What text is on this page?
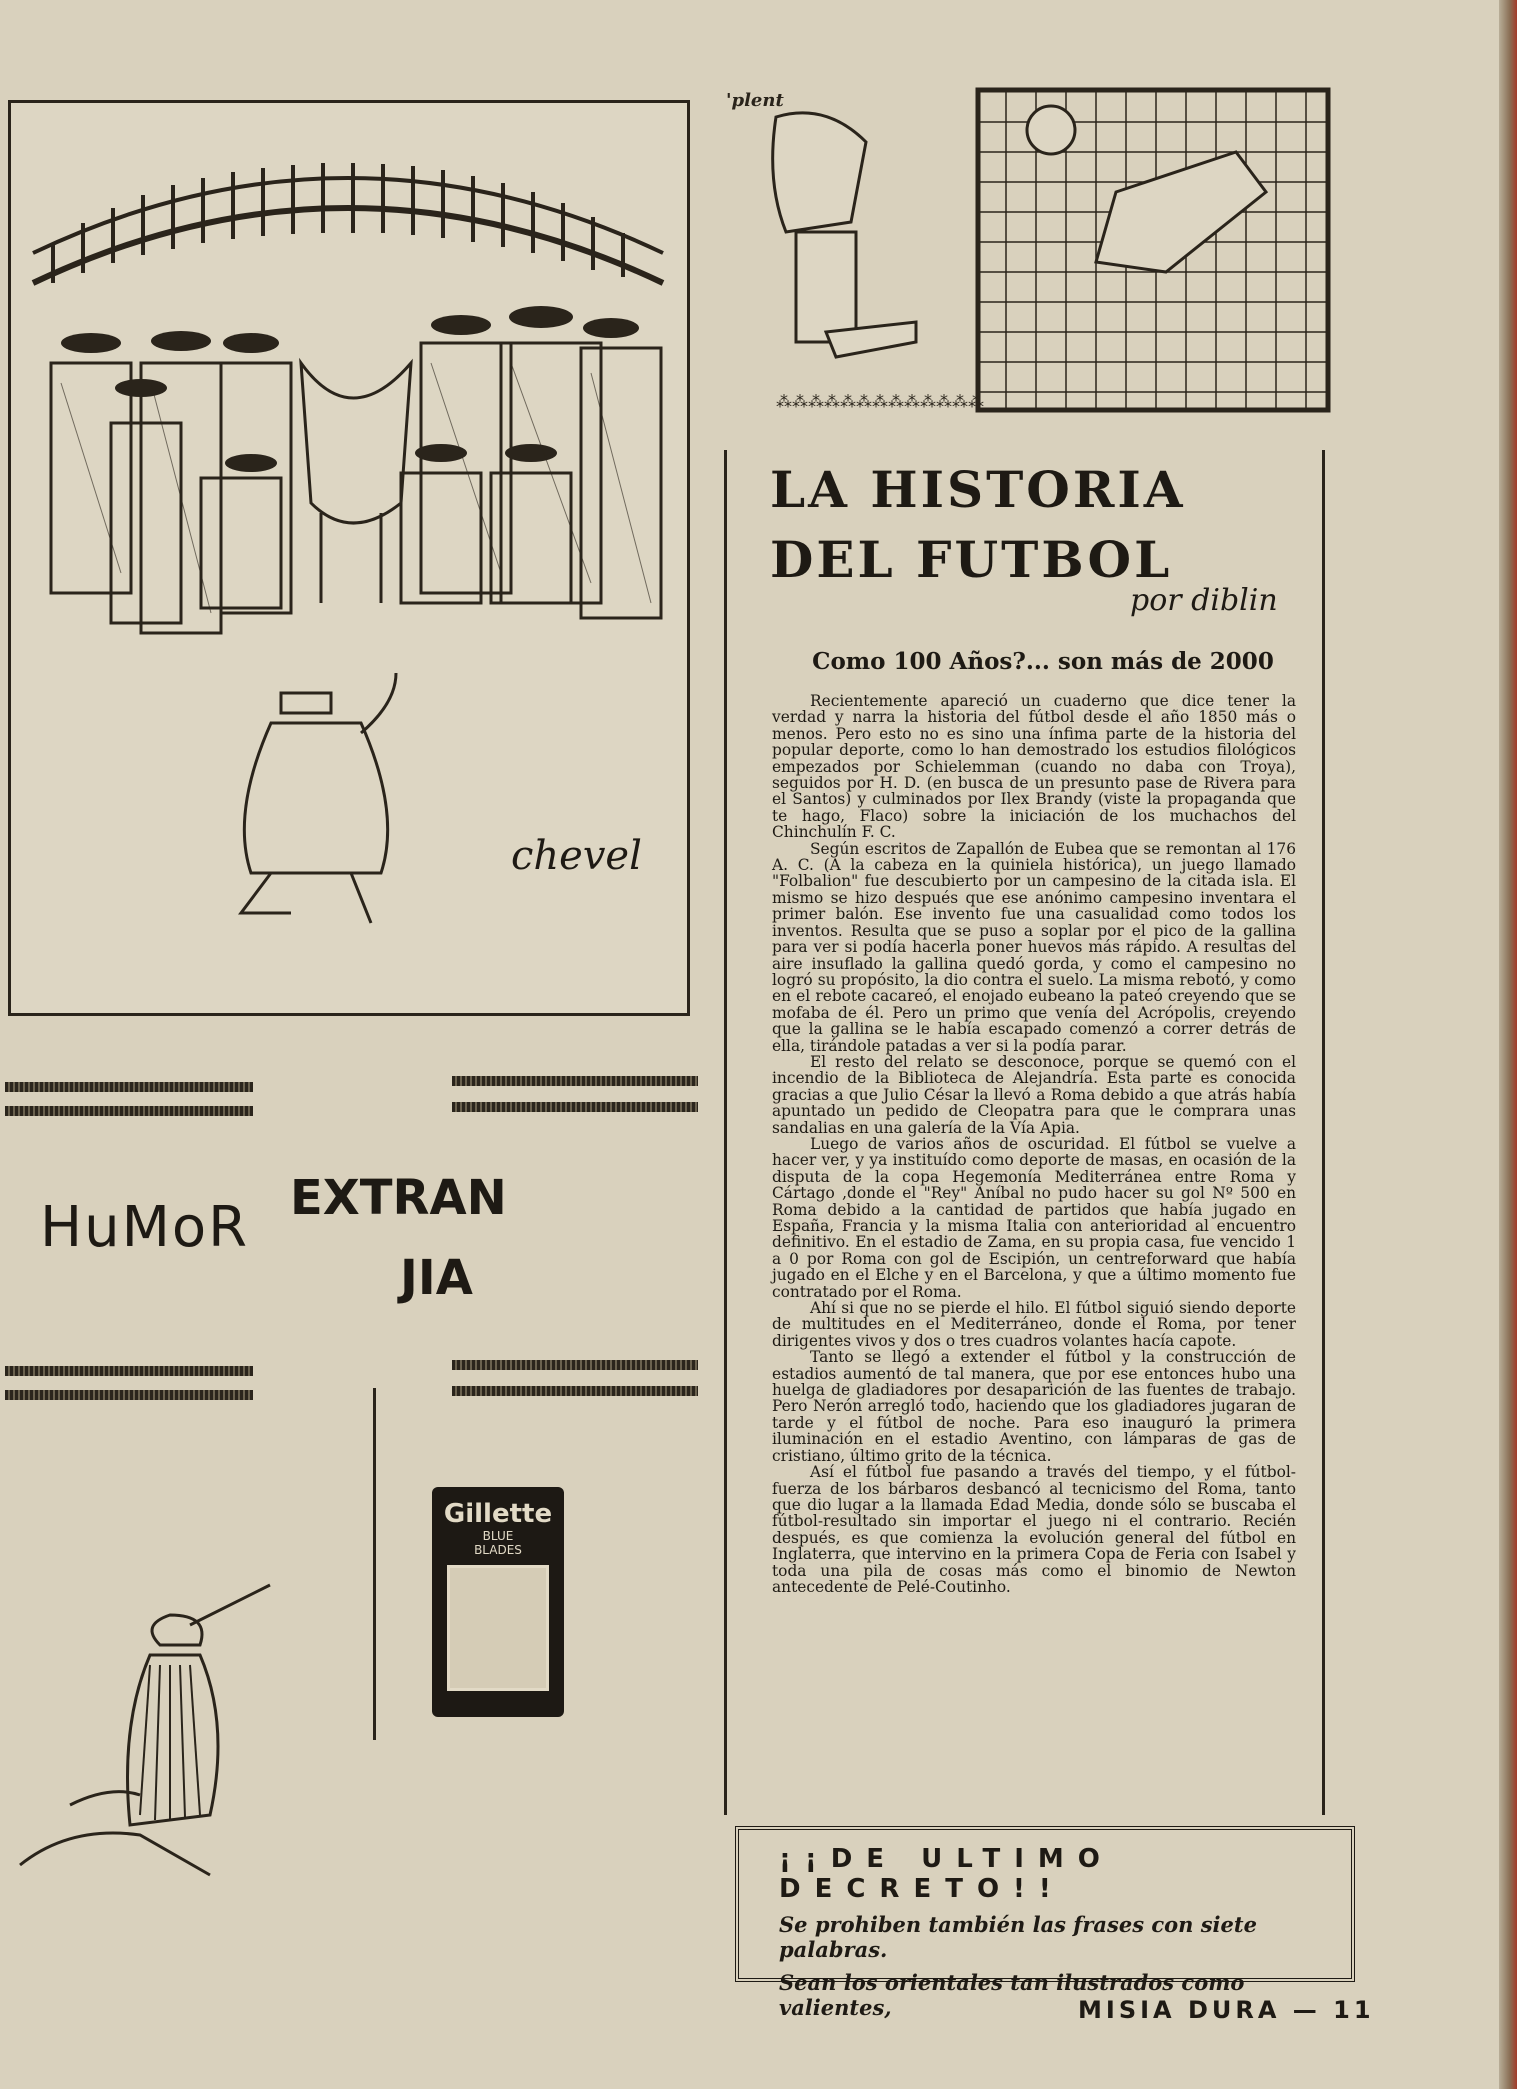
chevel
'plent
⁂⁂⁂⁂⁂⁂⁂⁂⁂⁂⁂⁂⁂
HuMoR EXTRAN
JIA
Gillette
BLUE
BLADES
LA HISTORIA
DEL FUTBOL
por diblin
Como 100 Años?... son más de 2000

Recientemente apareció un cuaderno que dice tener la verdad y narra la historia del fútbol desde el año 1850 más o menos. Pero esto no es sino una ínfima parte de la historia del popular deporte, como lo han demostrado los estudios filológicos empezados por Schielemman (cuando no daba con Troya), seguidos por H. D. (en busca de un presunto pase de Rivera para el Santos) y culminados por Ilex Brandy (viste la propaganda que te hago, Flaco) sobre la iniciación de los muchachos del Chinchulín F. C.

Según escritos de Zapallón de Eubea que se remontan al 176 A. C. (A la cabeza en la quiniela histórica), un juego llamado "Folbalion" fue descubierto por un campesino de la citada isla. El mismo se hizo después que ese anónimo campesino inventara el primer balón. Ese invento fue una casualidad como todos los inventos. Resulta que se puso a soplar por el pico de la gallina para ver si podía hacerla poner huevos más rápido. A resultas del aire insuflado la gallina quedó gorda, y como el campesino no logró su propósito, la dio contra el suelo. La misma rebotó, y como en el rebote cacareó, el enojado eubeano la pateó creyendo que se mofaba de él. Pero un primo que venía del Acrópolis, creyendo que la gallina se le había escapado comenzó a correr detrás de ella, tirándole patadas a ver si la podía parar.

El resto del relato se desconoce, porque se quemó con el incendio de la Biblioteca de Alejandría. Esta parte es conocida gracias a que Julio César la llevó a Roma debido a que atrás había apuntado un pedido de Cleopatra para que le comprara unas sandalias en una galería de la Vía Apia.

Luego de varios años de oscuridad. El fútbol se vuelve a hacer ver, y ya instituído como deporte de masas, en ocasión de la disputa de la copa Hegemonía Mediterránea entre Roma y Cártago ,donde el "Rey" Aníbal no pudo hacer su gol Nº 500 en Roma debido a la cantidad de partidos que había jugado en España, Francia y la misma Italia con anterioridad al encuentro definitivo. En el estadio de Zama, en su propia casa, fue vencido 1 a 0 por Roma con gol de Escipión, un centreforward que había jugado en el Elche y en el Barcelona, y que a último momento fue contratado por el Roma.

Ahí si que no se pierde el hilo. El fútbol siguió siendo deporte de multitudes en el Mediterráneo, donde el Roma, por tener dirigentes vivos y dos o tres cuadros volantes hacía capote.

Tanto se llegó a extender el fútbol y la construcción de estadios aumentó de tal manera, que por ese entonces hubo una huelga de gladiadores por desaparición de las fuentes de trabajo. Pero Nerón arregló todo, haciendo que los gladiadores jugaran de tarde y el fútbol de noche. Para eso inauguró la primera iluminación en el estadio Aventino, con lámparas de gas de cristiano, último grito de la técnica.

Así el fútbol fue pasando a través del tiempo, y el fútbol-fuerza de los bárbaros desbancó al tecnicismo del Roma, tanto que dio lugar a la llamada Edad Media, donde sólo se buscaba el fútbol-resultado sin importar el juego ni el contrario. Recién después, es que comienza la evolución general del fútbol en Inglaterra, que intervino en la primera Copa de Feria con Isabel y toda una pila de cosas más como el binomio de Newton antecedente de Pelé-Coutinho.

¡¡DE ULTIMO DECRETO!!
Se prohiben también las frases con siete palabras.
Sean los orientales tan ilustrados como valientes,	MISIA DURA — 11
